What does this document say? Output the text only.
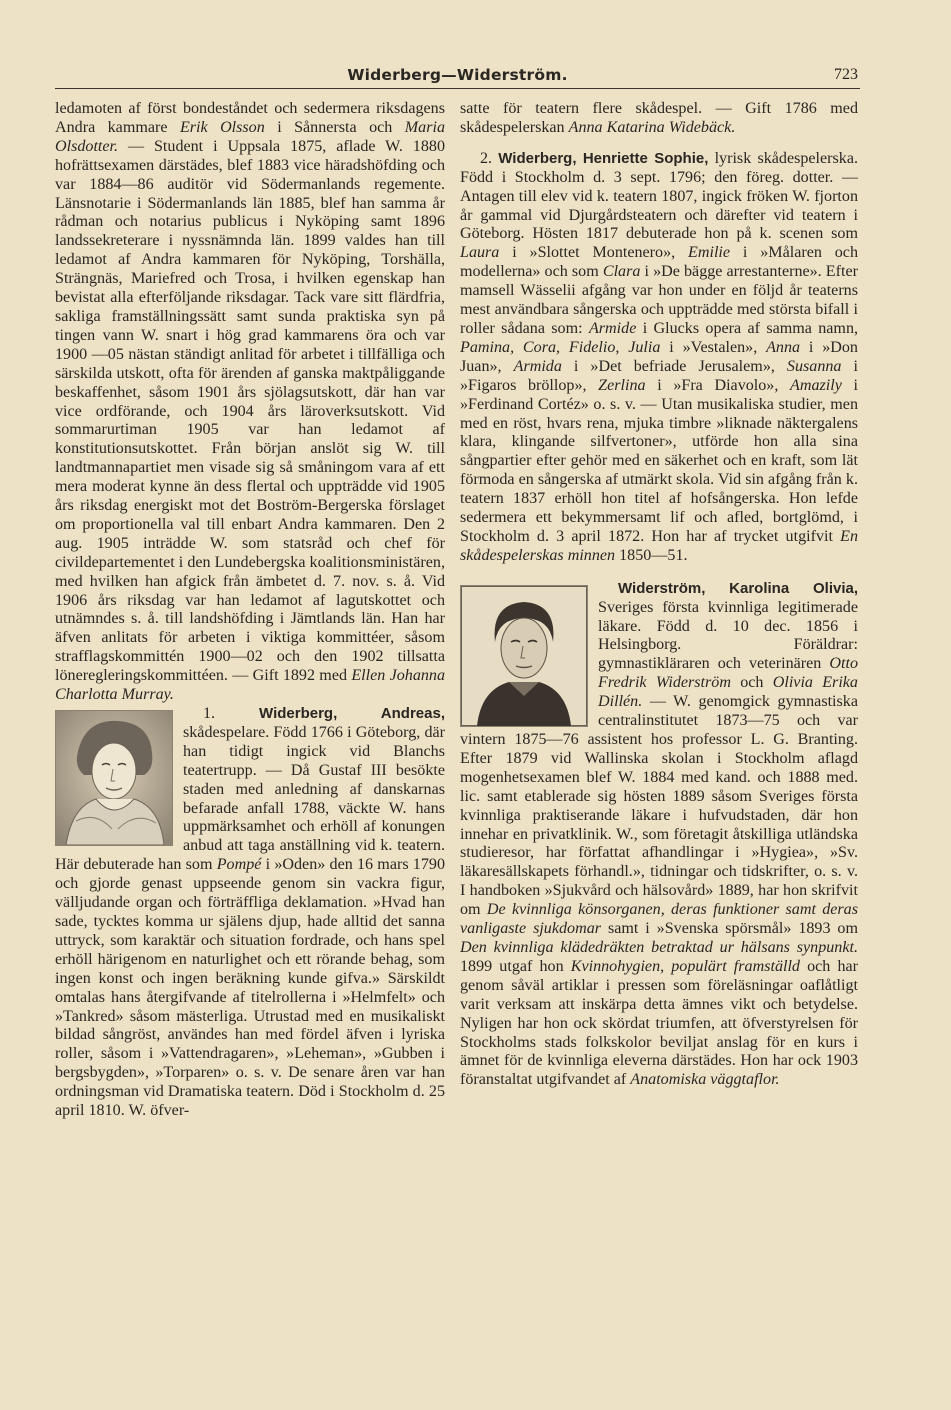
Widerberg—Widerström.	723

ledamoten af först bondeståndet och sedermera riksdagens Andra kammare Erik Olsson i Sånnersta och Maria Olsdotter. — Student i Uppsala 1875, aflade W. 1880 hofrättsexamen därstädes, blef 1883 vice häradshöfding och var 1884—86 auditör vid Södermanlands regemente. Länsnotarie i Södermanlands län 1885, blef han samma år rådman och notarius publicus i Nyköping samt 1896 landssekreterare i nyssnämnda län. 1899 valdes han till ledamot af Andra kammaren för Nyköping, Torshälla, Strängnäs, Mariefred och Trosa, i hvilken egenskap han bevistat alla efterföljande riksdagar. Tack vare sitt flärdfria, sakliga framställningssätt samt sunda praktiska syn på tingen vann W. snart i hög grad kammarens öra och var 1900 —05 nästan ständigt anlitad för arbetet i tillfälliga och särskilda utskott, ofta för ärenden af ganska maktpåliggande beskaffenhet, såsom 1901 års sjölagsutskott, där han var vice ordförande, och 1904 års läroverksutskott. Vid sommarurtiman 1905 var han ledamot af konstitutionsutskottet. Från början anslöt sig W. till landtmannapartiet men visade sig så småningom vara af ett mera moderat kynne än dess flertal och uppträdde vid 1905 års riksdag energiskt mot det Boström-Bergerska förslaget om proportionella val till enbart Andra kammaren. Den 2 aug. 1905 inträdde W. som statsråd och chef för civildepartementet i den Lundebergska koalitionsministären, med hvilken han afgick från ämbetet d. 7. nov. s. å. Vid 1906 års riksdag var han ledamot af lagutskottet och utnämndes s. å. till landshöfding i Jämtlands län. Han har äfven anlitats för arbeten i viktiga kommittéer, såsom strafflagskommittén 1900—02 och den 1902 tillsatta löneregleringskommittéen. — Gift 1892 med Ellen Johanna Charlotta Murray.

1.	Widerberg, Andreas,
skådespelare. Född 1766 i Göteborg, där han tidigt ingick vid Blanchs teatertrupp. — Då Gustaf III besökte staden med anledning af danskarnas befarade anfall 1788, väckte W. hans uppmärksamhet och erhöll af konungen anbud att taga anställning vid k. teatern. Här debuterade han som Pompé i »Oden» den 16 mars 1790 och gjorde genast uppseende genom sin vackra figur, välljudande organ och förträffliga deklamation. »Hvad han sade, tycktes komma ur själens djup, hade alltid det sanna uttryck, som karaktär och situation fordrade, och hans spel erhöll härigenom en naturlighet och ett rörande behag, som ingen konst och ingen beräkning kunde gifva.» Särskildt omtalas hans återgifvande af titelrollerna i »Helmfelt» och »Tankred» såsom mästerliga. Utrustad med en musikaliskt bildad sångröst, användes han med fördel äfven i lyriska roller, såsom i »Vattendragaren», »Leheman», »Gubben i bergsbygden», »Torparen» o. s. v. De senare åren var han ordningsman vid Dramatiska teatern. Död i Stockholm d. 25 april 1810. W. öfver-

satte för teatern flere skådespel. — Gift 1786 med skådespelerskan Anna Katarina Widebäck.

2. Widerberg, Henriette Sophie, lyrisk skådespelerska. Född i Stockholm d. 3 sept. 1796; den föreg. dotter. — Antagen till elev vid k. teatern 1807, ingick fröken W. fjorton år gammal vid Djurgårdsteatern och därefter vid teatern i Göteborg. Hösten 1817 debuterade hon på k. scenen som Laura i »Slottet Montenero», Emilie i »Målaren och modellerna» och som Clara i »De bägge arrestanterne». Efter mamsell Wässelii afgång var hon under en följd år teaterns mest användbara sångerska och uppträdde med största bifall i roller sådana som: Armide i Glucks opera af samma namn, Pamina, Cora, Fidelio, Julia i »Vestalen», Anna i »Don Juan», Armida i »Det befriade Jerusalem», Susanna i »Figaros bröllop», Zerlina i »Fra Diavolo», Amazily i »Ferdinand Cortéz» o. s. v. — Utan musikaliska studier, men med en röst, hvars rena, mjuka timbre »liknade näktergalens klara, klingande silfvertoner», utförde hon alla sina sångpartier efter gehör med en säkerhet och en kraft, som lät förmoda en sångerska af utmärkt skola. Vid sin afgång från k. teatern 1837 erhöll hon titel af hofsångerska. Hon lefde sedermera ett bekymmersamt lif och afled, bortglömd, i Stockholm d. 3 april 1872. Hon har af trycket utgifvit En skådespelerskas minnen 1850—51.

Widerström, Karolina Olivia,
Sveriges första kvinnliga legitimerade läkare. Född d. 10 dec. 1856 i Helsingborg. Föräldrar: gymnastikläraren och veterinären Otto Fredrik Widerström och Olivia Erika Dillén. — W. genomgick gymnastiska centralinstitutet 1873—75 och var vintern 1875—76 assistent hos professor L. G. Branting. Efter 1879 vid Wallinska skolan i Stockholm aflagd mogenhetsexamen blef W. 1884 med kand. och 1888 med. lic. samt etablerade sig hösten 1889 såsom Sveriges första kvinnliga praktiserande läkare i hufvudstaden, där hon innehar en privatklinik. W., som företagit åtskilliga utländska studieresor, har författat afhandlingar i »Hygiea», »Sv. läkaresällskapets förhandl.», tidningar och tidskrifter, o. s. v. I handboken »Sjukvård och hälsovård» 1889, har hon skrifvit om De kvinnliga könsorganen, deras funktioner samt deras vanligaste sjukdomar samt i »Svenska spörsmål» 1893 om Den kvinnliga klädedräkten betraktad ur hälsans synpunkt. 1899 utgaf hon Kvinnohygien, populärt framställd och har genom såväl artiklar i pressen som föreläsningar oaflåtligt varit verksam att inskärpa detta ämnes vikt och betydelse. Nyligen har hon ock skördat triumfen, att öfverstyrelsen för Stockholms stads folkskolor beviljat anslag för en kurs i ämnet för de kvinnliga eleverna därstädes. Hon har ock 1903 föranstaltat utgifvandet af Anatomiska väggtaflor.
